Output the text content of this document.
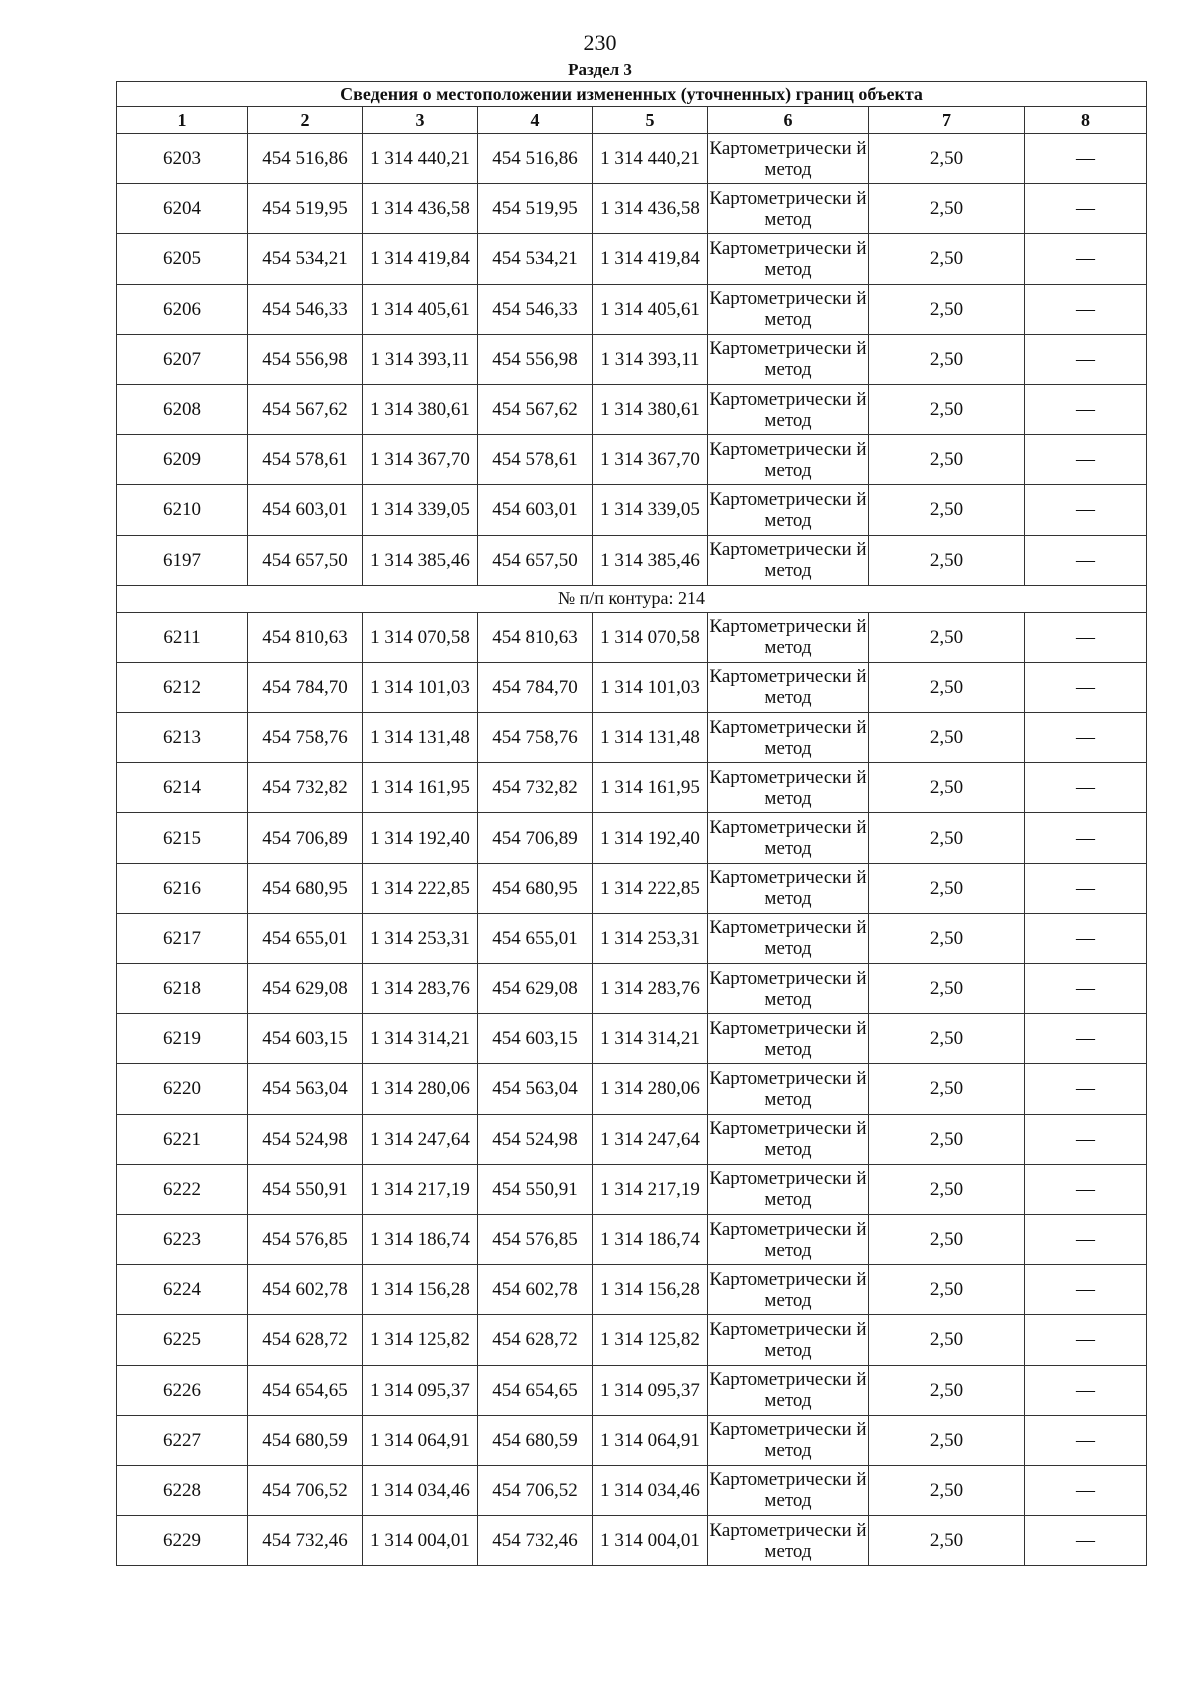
230
Раздел 3
Сведения о местоположении измененных (уточненных) границ объекта							
1	2	3	4	5	6	7	8
6203	454 516,86	1 314 440,21	454 516,86	1 314 440,21	Картометрически й метод	2,50	—
6204	454 519,95	1 314 436,58	454 519,95	1 314 436,58	Картометрически й метод	2,50	—
6205	454 534,21	1 314 419,84	454 534,21	1 314 419,84	Картометрически й метод	2,50	—
6206	454 546,33	1 314 405,61	454 546,33	1 314 405,61	Картометрически й метод	2,50	—
6207	454 556,98	1 314 393,11	454 556,98	1 314 393,11	Картометрически й метод	2,50	—
6208	454 567,62	1 314 380,61	454 567,62	1 314 380,61	Картометрически й метод	2,50	—
6209	454 578,61	1 314 367,70	454 578,61	1 314 367,70	Картометрически й метод	2,50	—
6210	454 603,01	1 314 339,05	454 603,01	1 314 339,05	Картометрически й метод	2,50	—
6197	454 657,50	1 314 385,46	454 657,50	1 314 385,46	Картометрически й метод	2,50	—
№ п/п контура: 214							
6211	454 810,63	1 314 070,58	454 810,63	1 314 070,58	Картометрически й метод	2,50	—
6212	454 784,70	1 314 101,03	454 784,70	1 314 101,03	Картометрически й метод	2,50	—
6213	454 758,76	1 314 131,48	454 758,76	1 314 131,48	Картометрически й метод	2,50	—
6214	454 732,82	1 314 161,95	454 732,82	1 314 161,95	Картометрически й метод	2,50	—
6215	454 706,89	1 314 192,40	454 706,89	1 314 192,40	Картометрически й метод	2,50	—
6216	454 680,95	1 314 222,85	454 680,95	1 314 222,85	Картометрически й метод	2,50	—
6217	454 655,01	1 314 253,31	454 655,01	1 314 253,31	Картометрически й метод	2,50	—
6218	454 629,08	1 314 283,76	454 629,08	1 314 283,76	Картометрически й метод	2,50	—
6219	454 603,15	1 314 314,21	454 603,15	1 314 314,21	Картометрически й метод	2,50	—
6220	454 563,04	1 314 280,06	454 563,04	1 314 280,06	Картометрически й метод	2,50	—
6221	454 524,98	1 314 247,64	454 524,98	1 314 247,64	Картометрически й метод	2,50	—
6222	454 550,91	1 314 217,19	454 550,91	1 314 217,19	Картометрически й метод	2,50	—
6223	454 576,85	1 314 186,74	454 576,85	1 314 186,74	Картометрически й метод	2,50	—
6224	454 602,78	1 314 156,28	454 602,78	1 314 156,28	Картометрически й метод	2,50	—
6225	454 628,72	1 314 125,82	454 628,72	1 314 125,82	Картометрически й метод	2,50	—
6226	454 654,65	1 314 095,37	454 654,65	1 314 095,37	Картометрически й метод	2,50	—
6227	454 680,59	1 314 064,91	454 680,59	1 314 064,91	Картометрически й метод	2,50	—
6228	454 706,52	1 314 034,46	454 706,52	1 314 034,46	Картометрически й метод	2,50	—
6229	454 732,46	1 314 004,01	454 732,46	1 314 004,01	Картометрически й метод	2,50	—
